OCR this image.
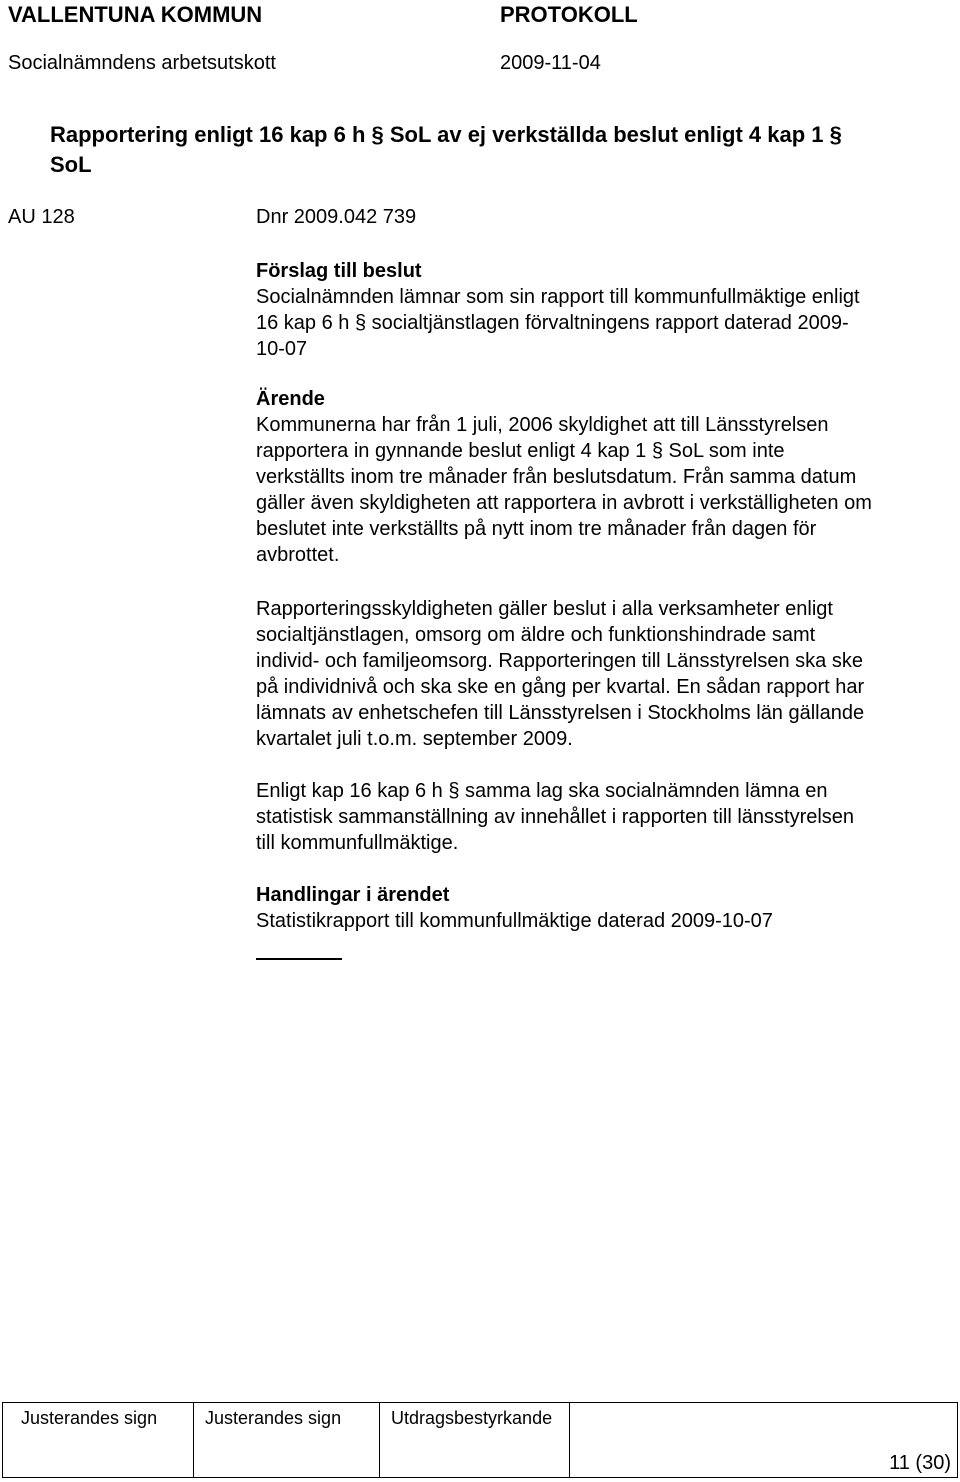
VALLENTUNA KOMMUN	PROTOKOLL
Socialnämndens arbetsutskott	2009-11-04
Rapportering enligt 16 kap 6 h § SoL av ej verkställda beslut enligt 4 kap 1 §
SoL
AU 128	Dnr 2009.042 739
Förslag till beslut
Socialnämnden lämnar som sin rapport till kommunfullmäktige enligt
16 kap 6 h § socialtjänstlagen förvaltningens rapport daterad 2009-
10-07
Ärende
Kommunerna har från 1 juli, 2006 skyldighet att till Länsstyrelsen
rapportera in gynnande beslut enligt 4 kap 1 § SoL som inte
verkställts inom tre månader från beslutsdatum. Från samma datum
gäller även skyldigheten att rapportera in avbrott i verkställigheten om
beslutet inte verkställts på nytt inom tre månader från dagen för
avbrottet.
Rapporteringsskyldigheten gäller beslut i alla verksamheter enligt
socialtjänstlagen, omsorg om äldre och funktionshindrade samt
individ- och familjeomsorg. Rapporteringen till Länsstyrelsen ska ske
på individnivå och ska ske en gång per kvartal. En sådan rapport har
lämnats av enhetschefen till Länsstyrelsen i Stockholms län gällande
kvartalet juli t.o.m. september 2009.
Enligt kap 16 kap 6 h § samma lag ska socialnämnden lämna en
statistisk sammanställning av innehållet i rapporten till länsstyrelsen
till kommunfullmäktige.
Handlingar i ärendet
Statistikrapport till kommunfullmäktige daterad 2009-10-07
Justerandes sign	Justerandes sign	Utdragsbestyrkande
11 (30)
